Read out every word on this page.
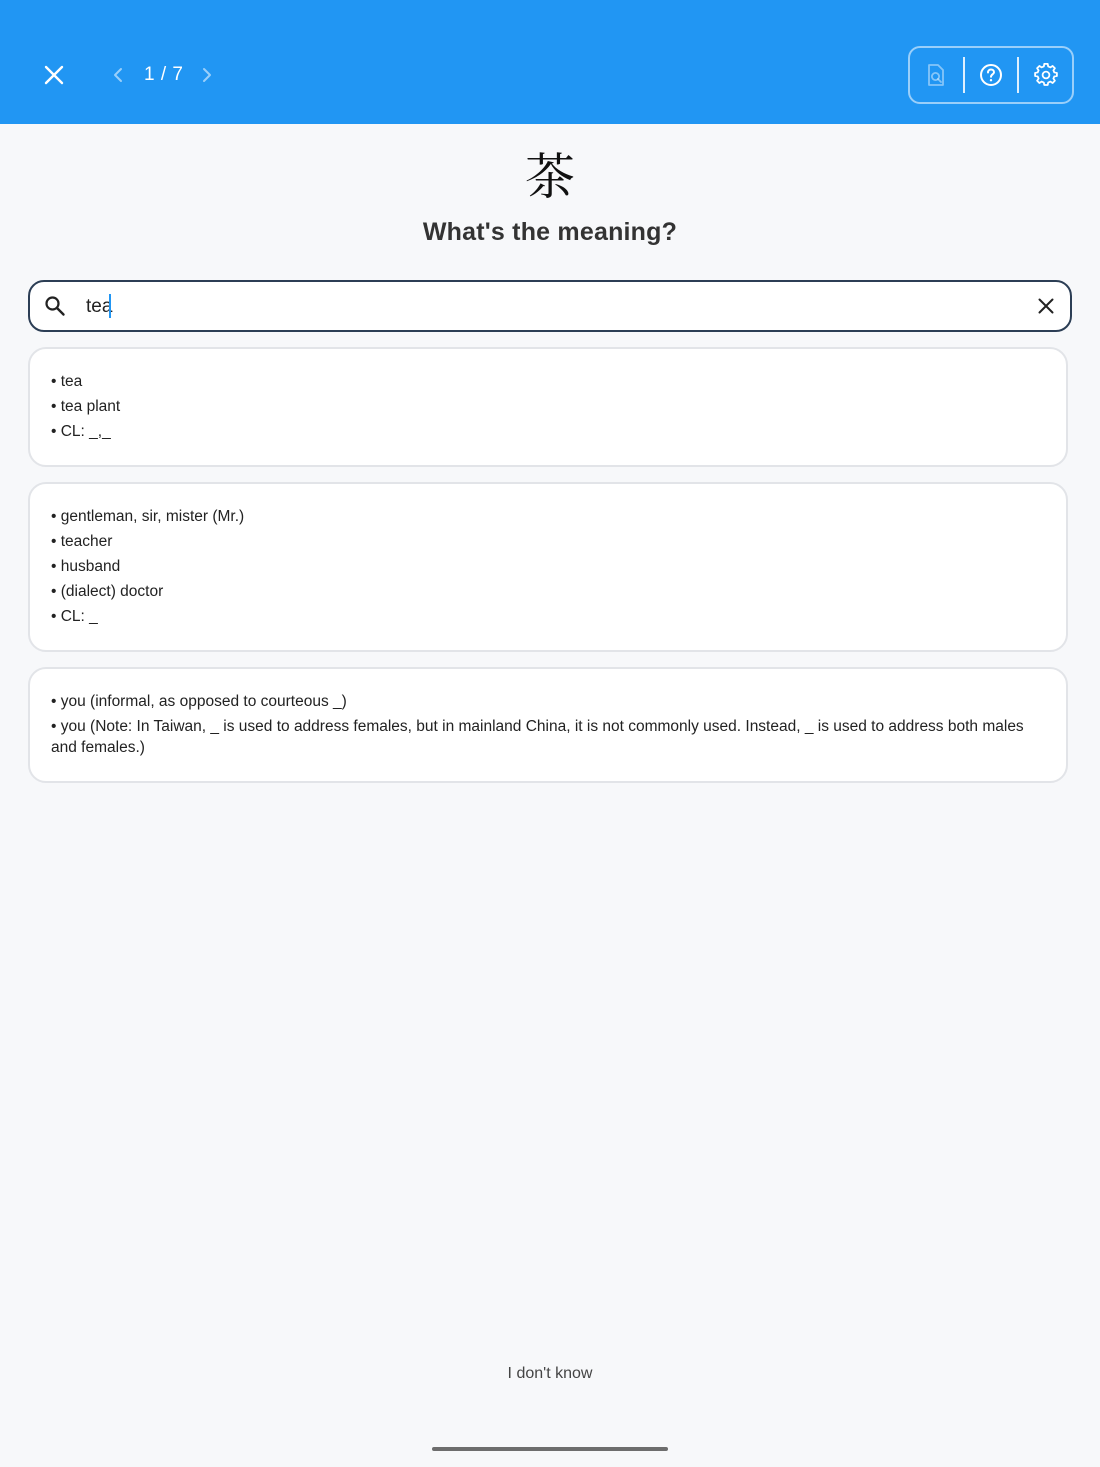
1 / 7
茶
What's the meaning?
tea
• tea
• tea plant
• CL: _,_
• gentleman, sir, mister (Mr.)
• teacher
• husband
• (dialect) doctor
• CL: _
• you (informal, as opposed to courteous _)
• you (Note: In Taiwan, _ is used to address females, but in mainland China, it is not commonly used. Instead, _ is used to address both males and females.)
I don't know
